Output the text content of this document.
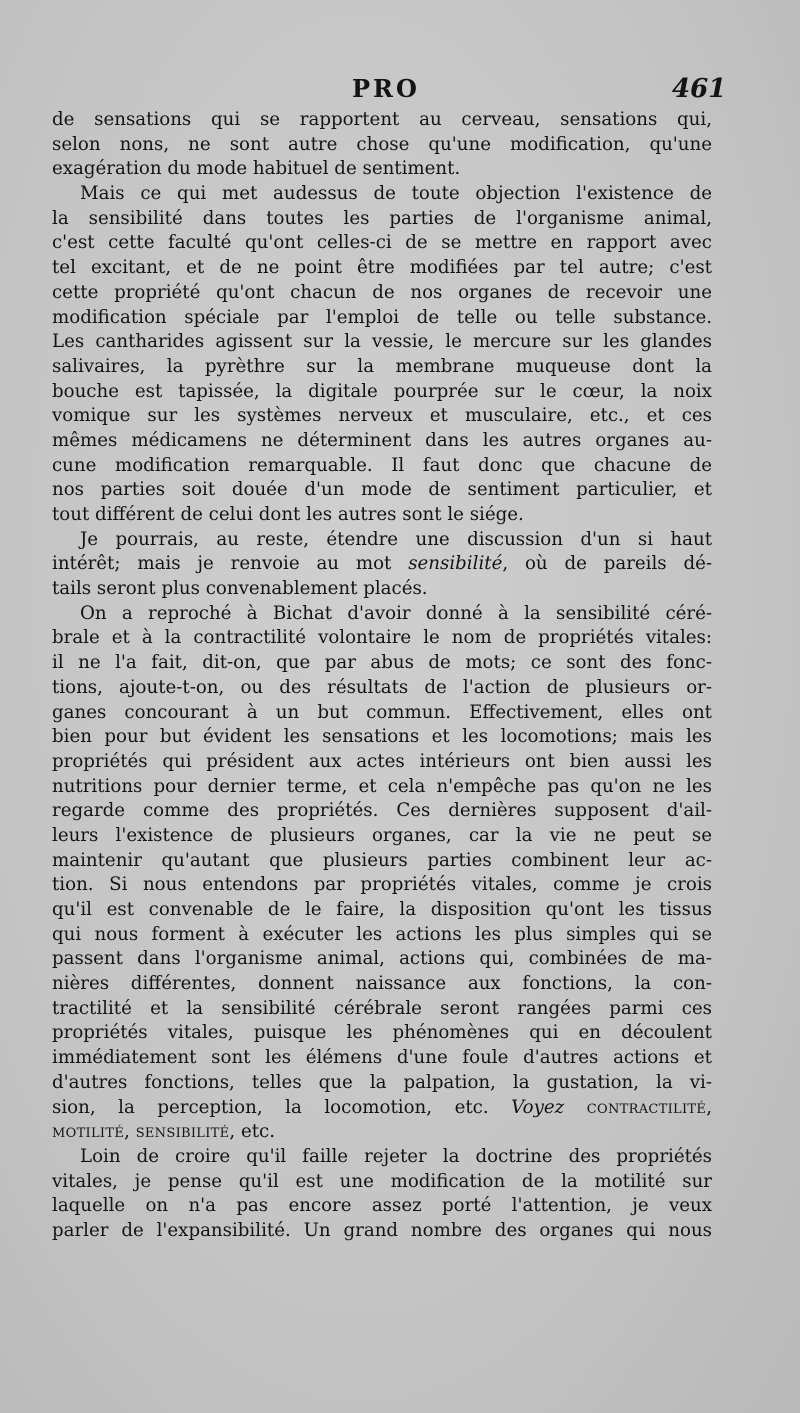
PRO	461
de sensations qui se rapportent au cerveau, sensations qui,
selon nons, ne sont autre chose qu'une modification, qu'une
exagération du mode habituel de sentiment.
Mais ce qui met audessus de toute objection l'existence de
la sensibilité dans toutes les parties de l'organisme animal,
c'est cette faculté qu'ont celles-ci de se mettre en rapport avec
tel excitant, et de ne point être modifiées par tel autre; c'est
cette propriété qu'ont chacun de nos organes de recevoir une
modification spéciale par l'emploi de telle ou telle substance.
Les cantharides agissent sur la vessie, le mercure sur les glandes
salivaires, la pyrèthre sur la membrane muqueuse dont la
bouche est tapissée, la digitale pourprée sur le cœur, la noix
vomique sur les systèmes nerveux et musculaire, etc., et ces
mêmes médicamens ne déterminent dans les autres organes au-
cune modification remarquable. Il faut donc que chacune de
nos parties soit douée d'un mode de sentiment particulier, et
tout différent de celui dont les autres sont le siége.
Je pourrais, au reste, étendre une discussion d'un si haut
intérêt; mais je renvoie au mot sensibilité, où de pareils dé-
tails seront plus convenablement placés.
On a reproché à Bichat d'avoir donné à la sensibilité céré-
brale et à la contractilité volontaire le nom de propriétés vitales:
il ne l'a fait, dit-on, que par abus de mots; ce sont des fonc-
tions, ajoute-t-on, ou des résultats de l'action de plusieurs or-
ganes concourant à un but commun. Effectivement, elles ont
bien pour but évident les sensations et les locomotions; mais les
propriétés qui président aux actes intérieurs ont bien aussi les
nutritions pour dernier terme, et cela n'empêche pas qu'on ne les
regarde comme des propriétés. Ces dernières supposent d'ail-
leurs l'existence de plusieurs organes, car la vie ne peut se
maintenir qu'autant que plusieurs parties combinent leur ac-
tion. Si nous entendons par propriétés vitales, comme je crois
qu'il est convenable de le faire, la disposition qu'ont les tissus
qui nous forment à exécuter les actions les plus simples qui se
passent dans l'organisme animal, actions qui, combinées de ma-
nières différentes, donnent naissance aux fonctions, la con-
tractilité et la sensibilité cérébrale seront rangées parmi ces
propriétés vitales, puisque les phénomènes qui en découlent
immédiatement sont les élémens d'une foule d'autres actions et
d'autres fonctions, telles que la palpation, la gustation, la vi-
sion, la perception, la locomotion, etc. Voyez contractilité,
motilité, sensibilité, etc.
Loin de croire qu'il faille rejeter la doctrine des propriétés
vitales, je pense qu'il est une modification de la motilité sur
laquelle on n'a pas encore assez porté l'attention, je veux
parler de l'expansibilité. Un grand nombre des organes qui nous
